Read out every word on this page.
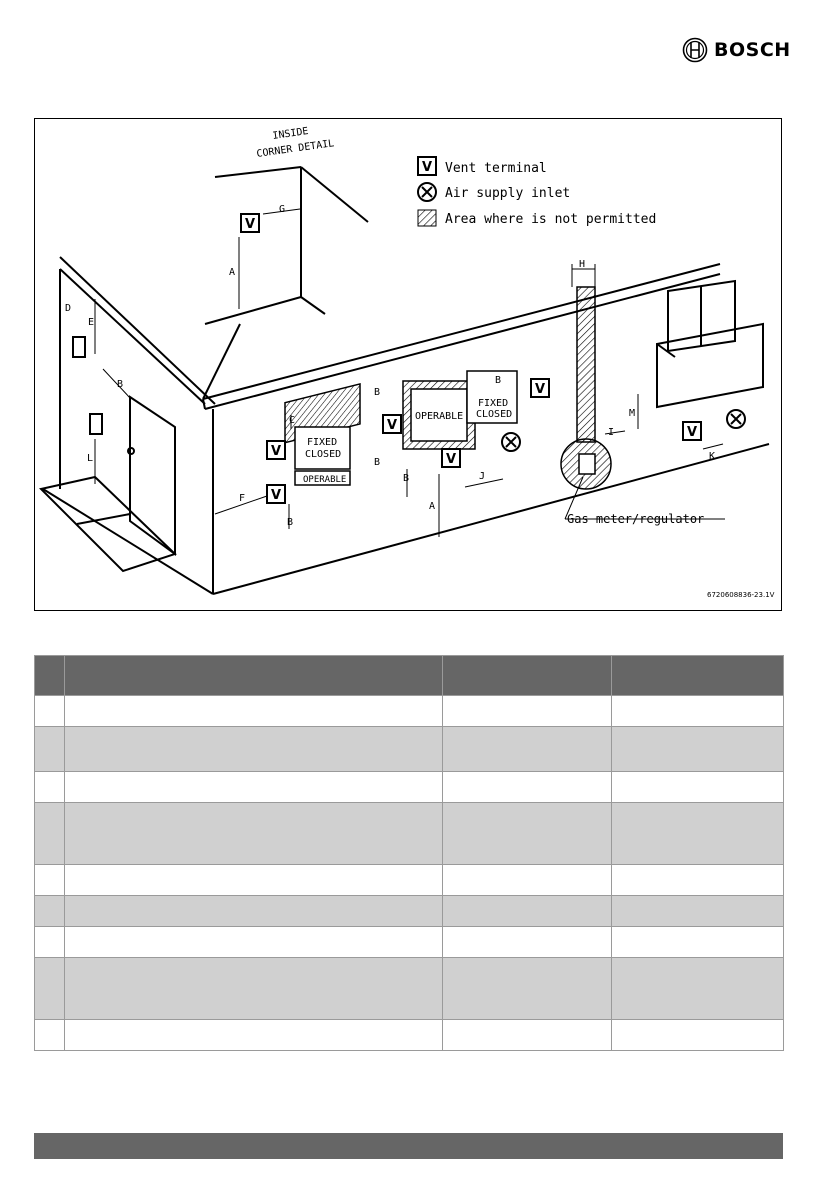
BOSCH
INSIDE
CORNER DETAIL
V Vent terminal
Air supply inlet
Area where is not permitted
Gas meter/regulator
FIXED
CLOSED
OPERABLE
OPERABLE
FIXED
CLOSED
V
V
V
V
V
V
V
A
G
D
E
B
L
F
C
B
B
B
B
B
A
J
H
I
M
K
6720608836-23.1V
